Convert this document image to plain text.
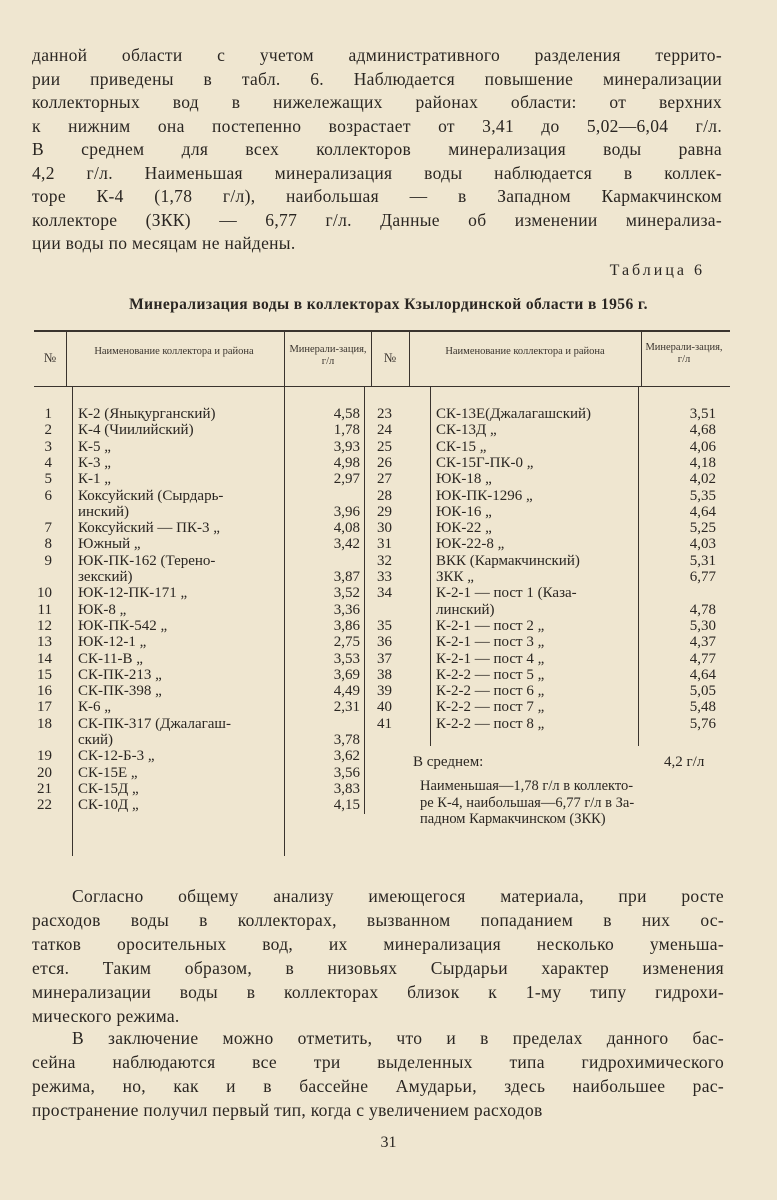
данной области с учетом административного разделения террито-
рии приведены в табл. 6. Наблюдается повышение минерализации
коллекторных вод в нижележащих районах области: от верхних
к нижним она постепенно возрастает от 3,41 до 5,02—6,04 г/л.
В среднем для всех коллекторов минерализация воды равна
4,2 г/л. Наименьшая минерализация воды наблюдается в коллек-
торе К-4 (1,78 г/л), наибольшая — в Западном Кармакчинском
коллекторе (ЗКК) — 6,77 г/л. Данные об изменении минерализа-
ции воды по месяцам не найдены.
Таблица 6
Минерализация воды в коллекторах Кзылординской области в 1956 г.
№	Наименование коллектора и района	Минерали-зация, г/л	№	Наименование коллектора и района	Минерали-зация, г/л
1 К-2 (Янықурганский)	4,58
2 К-4 (Чиилийский)	1,78
3 К-5 „	3,93
4 К-3 „	4,98
5 К-1 „	2,97
6 Коксуйский (Сырдарь-
инский)	3,96
7 Коксуйский — ПК-3 „	4,08
8 Южный „	3,42
9 ЮК-ПК-162 (Терено-
зекский)	3,87
10 ЮК-12-ПК-171 „	3,52
11 ЮК-8 „	3,36
12 ЮК-ПК-542 „	3,86
13 ЮК-12-1 „	2,75
14 СК-11-В „	3,53
15 СК-ПК-213 „	3,69
16 СК-ПК-398 „	4,49
17 К-6 „	2,31
18 СК-ПК-317 (Джалагаш-
ский)	3,78
19 СК-12-Б-3 „	3,62
20 СК-15Е „	3,56
21 СК-15Д „	3,83
22 СК-10Д „	4,15
23	СК-13Е(Джалагашский)	3,51
24	СК-13Д „	4,68
25	СК-15 „	4,06
26	СК-15Г-ПК-0 „	4,18
27	ЮК-18 „	4,02
28	ЮК-ПК-1296 „	5,35
29	ЮК-16 „	4,64
30	ЮК-22 „	5,25
31	ЮК-22-8 „	4,03
32	ВКК (Кармакчинский)	5,31
33	ЗКК „	6,77
34	К-2-1 — пост 1 (Каза-
линский)	4,78
35	К-2-1 — пост 2 „	5,30
36	К-2-1 — пост 3 „	4,37
37	К-2-1 — пост 4 „	4,77
38	К-2-2 — пост 5 „	4,64
39	К-2-2 — пост 6 „	5,05
40	К-2-2 — пост 7 „	5,48
41	К-2-2 — пост 8 „	5,76
В среднем:	4,2 г/л
Наименьшая—1,78 г/л в коллекто-
ре К-4, наибольшая—6,77 г/л в За-
падном Кармакчинском (ЗКК)
Согласно общему анализу имеющегося материала, при росте
расходов воды в коллекторах, вызванном попаданием в них ос-
татков оросительных вод, их минерализация несколько уменьша-
ется. Таким образом, в низовьях Сырдарьи характер изменения
минерализации воды в коллекторах близок к 1-му типу гидрохи-
мического режима.
В заключение можно отметить, что и в пределах данного бас-
сейна наблюдаются все три выделенных типа гидрохимического
режима, но, как и в бассейне Амударьи, здесь наибольшее рас-
пространение получил первый тип, когда с увеличением расходов
31
